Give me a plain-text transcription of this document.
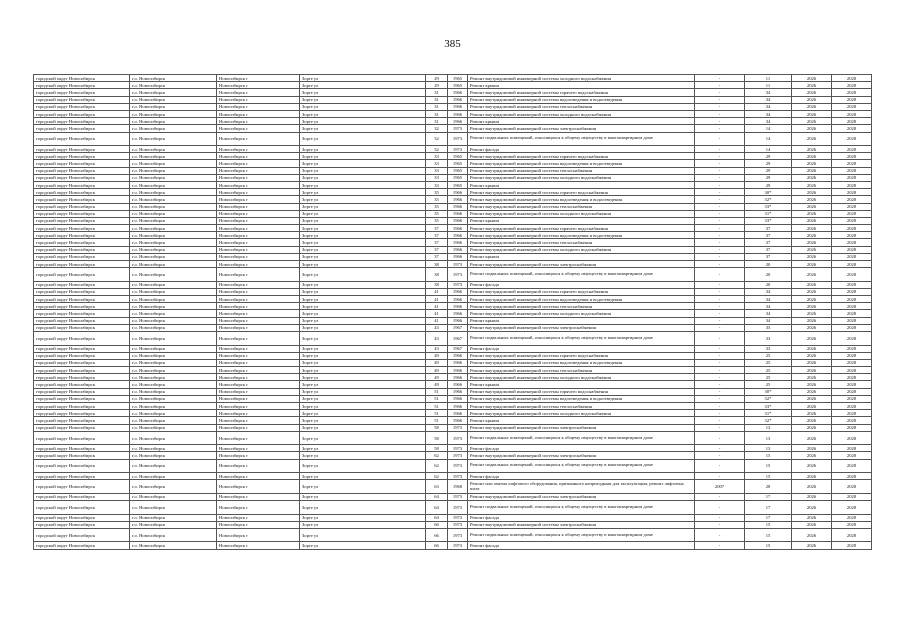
385
городской округ Новосибирск	г.о. Новосибирск	Новосибирск г	Зорге ул	29	1965	Ремонт внутридомовой инженерной системы холодного водоснабжения	-	11	2026	2028
городской округ Новосибирск	г.о. Новосибирск	Новосибирск г	Зорге ул	29	1965	Ремонт крыши	-	11	2026	2028
городской округ Новосибирск	г.о. Новосибирск	Новосибирск г	Зорге ул	31	1966	Ремонт внутридомовой инженерной системы горячего водоснабжения	-	34	2026	2028
городской округ Новосибирск	г.о. Новосибирск	Новосибирск г	Зорге ул	31	1966	Ремонт внутридомовой инженерной системы водоотведения и водоотведения	-	34	2026	2028
городской округ Новосибирск	г.о. Новосибирск	Новосибирск г	Зорге ул	31	1966	Ремонт внутридомовой инженерной системы теплоснабжения	-	34	2026	2028
городской округ Новосибирск	г.о. Новосибирск	Новосибирск г	Зорге ул	31	1966	Ремонт внутридомовой инженерной системы холодного водоснабжения	-	34	2026	2028
городской округ Новосибирск	г.о. Новосибирск	Новосибирск г	Зорге ул	31	1966	Ремонт крыши	-	34	2026	2028
городской округ Новосибирск	г.о. Новосибирск	Новосибирск г	Зорге ул	32	1973	Ремонт внутридомовой инженерной системы электроснабжения	-	14	2026	2028
городской округ Новосибирск	г.о. Новосибирск	Новосибирск г	Зорге ул	32	1973	Ремонт подвальных помещений, относящихся к общему имуществу в многоквартирном доме	-	14	2026	2028
городской округ Новосибирск	г.о. Новосибирск	Новосибирск г	Зорге ул	32	1973	Ремонт фасада	-	14	2026	2028
городской округ Новосибирск	г.о. Новосибирск	Новосибирск г	Зорге ул	33	1965	Ремонт внутридомовой инженерной системы горячего водоснабжения	-	29	2026	2028
городской округ Новосибирск	г.о. Новосибирск	Новосибирск г	Зорге ул	33	1965	Ремонт внутридомовой инженерной системы водоотведения и водоотведения	-	29	2026	2028
городской округ Новосибирск	г.о. Новосибирск	Новосибирск г	Зорге ул	33	1965	Ремонт внутридомовой инженерной системы теплоснабжения	-	29	2026	2028
городской округ Новосибирск	г.о. Новосибирск	Новосибирск г	Зорге ул	33	1965	Ремонт внутридомовой инженерной системы холодного водоснабжения	-	29	2026	2028
городской округ Новосибирск	г.о. Новосибирск	Новосибирск г	Зорге ул	33	1965	Ремонт крыши	-	29	2026	2028
городской округ Новосибирск	г.о. Новосибирск	Новосибирск г	Зорге ул	35	1966	Ремонт внутридомовой инженерной системы горячего водоснабжения	-	30*	2026	2028
городской округ Новосибирск	г.о. Новосибирск	Новосибирск г	Зорге ул	35	1966	Ремонт внутридомовой инженерной системы водоотведения и водоотведения	-	32*	2026	2028
городской округ Новосибирск	г.о. Новосибирск	Новосибирск г	Зорге ул	35	1966	Ремонт внутридомовой инженерной системы теплоснабжения	-	33*	2026	2028
городской округ Новосибирск	г.о. Новосибирск	Новосибирск г	Зорге ул	35	1966	Ремонт внутридомовой инженерной системы холодного водоснабжения	-	31*	2026	2028
городской округ Новосибирск	г.о. Новосибирск	Новосибирск г	Зорге ул	35	1966	Ремонт крыши	-	33*	2026	2028
городской округ Новосибирск	г.о. Новосибирск	Новосибирск г	Зорге ул	37	1966	Ремонт внутридомовой инженерной системы горячего водоснабжения	-	37	2026	2028
городской округ Новосибирск	г.о. Новосибирск	Новосибирск г	Зорге ул	37	1966	Ремонт внутридомовой инженерной системы водоотведения и водоотведения	-	37	2026	2028
городской округ Новосибирск	г.о. Новосибирск	Новосибирск г	Зорге ул	37	1966	Ремонт внутридомовой инженерной системы теплоснабжения	-	37	2026	2028
городской округ Новосибирск	г.о. Новосибирск	Новосибирск г	Зорге ул	37	1966	Ремонт внутридомовой инженерной системы холодного водоснабжения	-	37	2026	2028
городской округ Новосибирск	г.о. Новосибирск	Новосибирск г	Зорге ул	37	1966	Ремонт крыши	-	37	2026	2028
городской округ Новосибирск	г.о. Новосибирск	Новосибирск г	Зорге ул	38	1973	Ремонт внутридомовой инженерной системы электроснабжения	-	20	2026	2028
городской округ Новосибирск	г.о. Новосибирск	Новосибирск г	Зорге ул	38	1973	Ремонт подвальных помещений, относящихся к общему имуществу в многоквартирном доме	-	20	2026	2028
городской округ Новосибирск	г.о. Новосибирск	Новосибирск г	Зорге ул	38	1973	Ремонт фасада	-	20	2026	2028
городской округ Новосибирск	г.о. Новосибирск	Новосибирск г	Зорге ул	41	1966	Ремонт внутридомовой инженерной системы горячего водоснабжения	-	34	2026	2028
городской округ Новосибирск	г.о. Новосибирск	Новосибирск г	Зорге ул	41	1966	Ремонт внутридомовой инженерной системы водоотведения и водоотведения	-	34	2026	2028
городской округ Новосибирск	г.о. Новосибирск	Новосибирск г	Зорге ул	41	1966	Ремонт внутридомовой инженерной системы теплоснабжения	-	34	2026	2028
городской округ Новосибирск	г.о. Новосибирск	Новосибирск г	Зорге ул	41	1966	Ремонт внутридомовой инженерной системы холодного водоснабжения	-	34	2026	2028
городской округ Новосибирск	г.о. Новосибирск	Новосибирск г	Зорге ул	41	1966	Ремонт крыши	-	34	2026	2028
городской округ Новосибирск	г.о. Новосибирск	Новосибирск г	Зорге ул	43	1967	Ремонт внутридомовой инженерной системы электроснабжения	-	33	2026	2028
городской округ Новосибирск	г.о. Новосибирск	Новосибирск г	Зорге ул	43	1967	Ремонт подвальных помещений, относящихся к общему имуществу в многоквартирном доме	-	33	2026	2028
городской округ Новосибирск	г.о. Новосибирск	Новосибирск г	Зорге ул	43	1967	Ремонт фасада	-	33	2026	2028
городской округ Новосибирск	г.о. Новосибирск	Новосибирск г	Зорге ул	49	1966	Ремонт внутридомовой инженерной системы горячего водоснабжения	-	25	2026	2028
городской округ Новосибирск	г.о. Новосибирск	Новосибирск г	Зорге ул	49	1966	Ремонт внутридомовой инженерной системы водоотведения и водоотведения	-	25	2026	2028
городской округ Новосибирск	г.о. Новосибирск	Новосибирск г	Зорге ул	49	1966	Ремонт внутридомовой инженерной системы теплоснабжения	-	25	2026	2028
городской округ Новосибирск	г.о. Новосибирск	Новосибирск г	Зорге ул	49	1966	Ремонт внутридомовой инженерной системы холодного водоснабжения	-	25	2026	2028
городской округ Новосибирск	г.о. Новосибирск	Новосибирск г	Зорге ул	49	1966	Ремонт крыши	-	25	2026	2028
городской округ Новосибирск	г.о. Новосибирск	Новосибирск г	Зорге ул	51	1966	Ремонт внутридомовой инженерной системы горячего водоснабжения	-	30*	2026	2028
городской округ Новосибирск	г.о. Новосибирск	Новосибирск г	Зорге ул	51	1966	Ремонт внутридомовой инженерной системы водоотведения и водоотведения	-	32*	2026	2028
городской округ Новосибирск	г.о. Новосибирск	Новосибирск г	Зорге ул	51	1966	Ремонт внутридомовой инженерной системы теплоснабжения	-	33*	2026	2028
городской округ Новосибирск	г.о. Новосибирск	Новосибирск г	Зорге ул	51	1966	Ремонт внутридомовой инженерной системы холодного водоснабжения	-	31*	2026	2028
городской округ Новосибирск	г.о. Новосибирск	Новосибирск г	Зорге ул	51	1966	Ремонт крыши	-	32*	2026	2028
городской округ Новосибирск	г.о. Новосибирск	Новосибирск г	Зорге ул	58	1973	Ремонт внутридомовой инженерной системы электроснабжения	-	13	2026	2028
городской округ Новосибирск	г.о. Новосибирск	Новосибирск г	Зорге ул	58	1973	Ремонт подвальных помещений, относящихся к общему имуществу в многоквартирном доме	-	13	2026	2028
городской округ Новосибирск	г.о. Новосибирск	Новосибирск г	Зорге ул	58	1973	Ремонт фасада	-	13	2026	2028
городской округ Новосибирск	г.о. Новосибирск	Новосибирск г	Зорге ул	62	1973	Ремонт внутридомовой инженерной системы электроснабжения	-	15	2026	2028
городской округ Новосибирск	г.о. Новосибирск	Новосибирск г	Зорге ул	62	1973	Ремонт подвальных помещений, относящихся к общему имуществу в многоквартирном доме	-	15	2026	2028
городской округ Новосибирск	г.о. Новосибирск	Новосибирск г	Зорге ул	62	1973	Ремонт фасада	-	15	2026	2028
городской округ Новосибирск	г.о. Новосибирск	Новосибирск г	Зорге ул	63	1968	Ремонт или замена лифтового оборудования, признанного непригодным для эксплуатации, ремонт лифтовых шахт	2007	28	2026	2028
городской округ Новосибирск	г.о. Новосибирск	Новосибирск г	Зорге ул	64	1973	Ремонт внутридомовой инженерной системы электроснабжения	-	17	2026	2028
городской округ Новосибирск	г.о. Новосибирск	Новосибирск г	Зорге ул	64	1973	Ремонт подвальных помещений, относящихся к общему имуществу в многоквартирном доме	-	17	2026	2028
городской округ Новосибирск	г.о. Новосибирск	Новосибирск г	Зорге ул	64	1973	Ремонт фасада	-	17	2026	2028
городской округ Новосибирск	г.о. Новосибирск	Новосибирск г	Зорге ул	66	1973	Ремонт внутридомовой инженерной системы электроснабжения	-	15	2026	2028
городской округ Новосибирск	г.о. Новосибирск	Новосибирск г	Зорге ул	66	1973	Ремонт подвальных помещений, относящихся к общему имуществу в многоквартирном доме	-	15	2026	2028
городской округ Новосибирск	г.о. Новосибирск	Новосибирск г	Зорге ул	66	1973	Ремонт фасада	-	15	2026	2028
